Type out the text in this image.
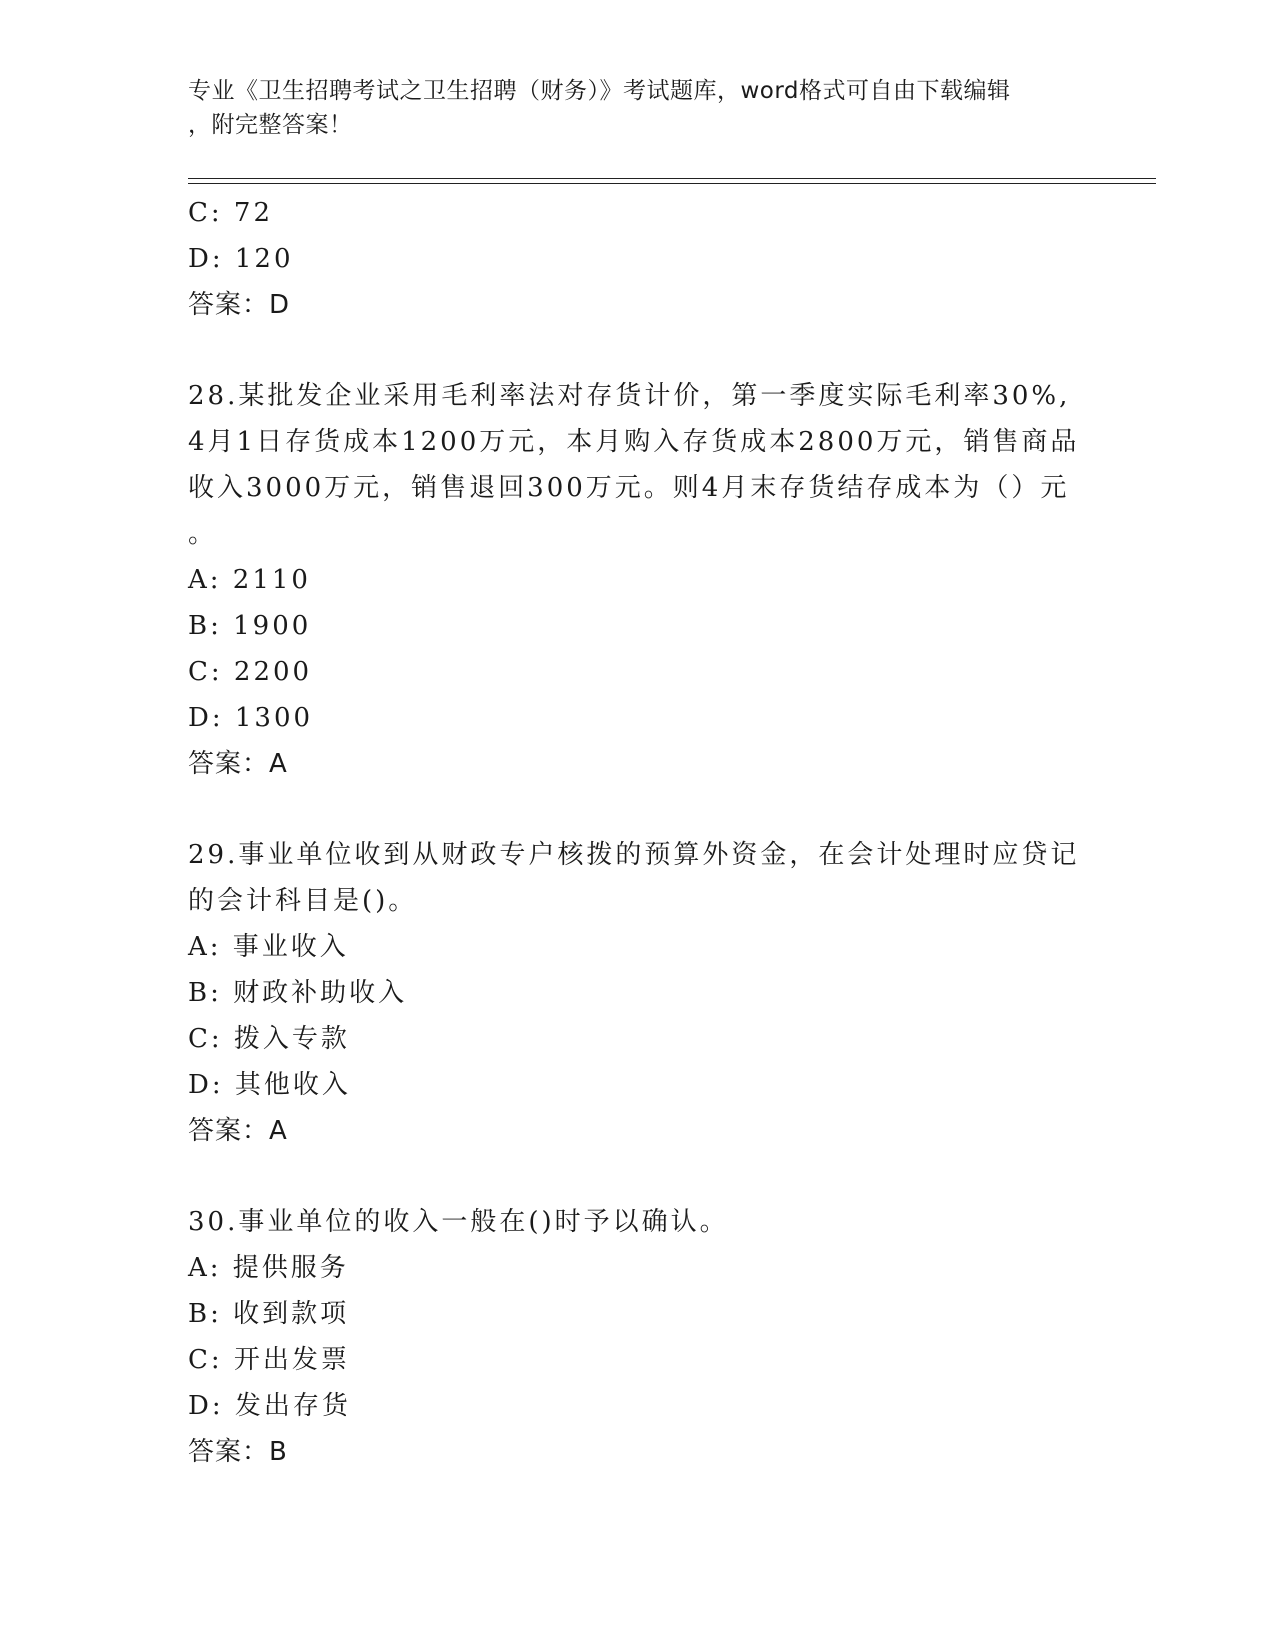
专业《卫生招聘考试之卫生招聘（财务）》考试题库，word格式可自由下载编辑
，附完整答案！
C: 72
D: 120
答案：D
28.某批发企业采用毛利率法对存货计价，第一季度实际毛利率30%,
4月1日存货成本1200万元，本月购入存货成本2800万元，销售商品
收入3000万元，销售退回300万元。则4月末存货结存成本为（）元
。
A: 2110
B: 1900
C: 2200
D: 1300
答案：A
29.事业单位收到从财政专户核拨的预算外资金，在会计处理时应贷记
的会计科目是()。
A: 事业收入
B: 财政补助收入
C: 拨入专款
D: 其他收入
答案：A
30.事业单位的收入一般在()时予以确认。
A: 提供服务
B: 收到款项
C: 开出发票
D: 发出存货
答案：B
